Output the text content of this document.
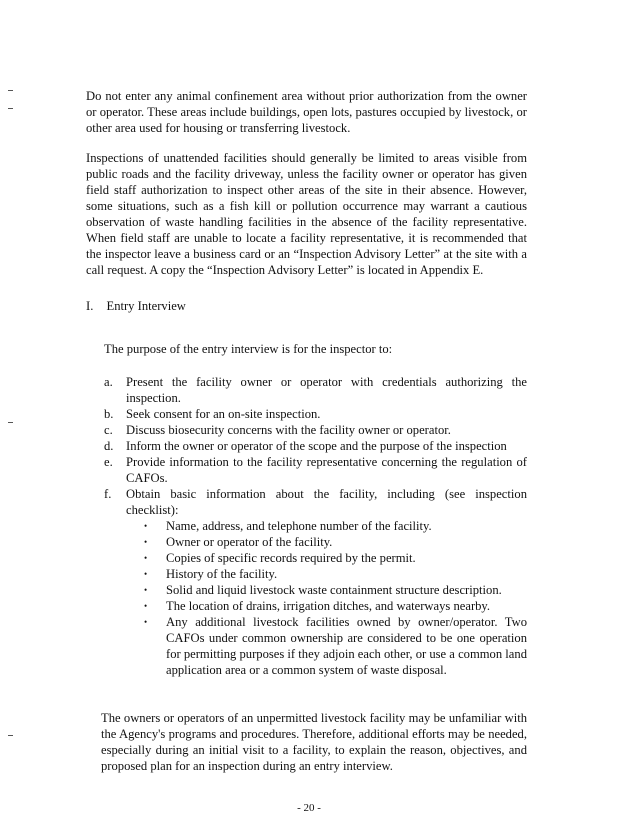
Do not enter any animal confinement area without prior authorization from the owner or operator. These areas include buildings, open lots, pastures occupied by livestock, or other area used for housing or transferring livestock.

Inspections of unattended facilities should generally be limited to areas visible from public roads and the facility driveway, unless the facility owner or operator has given field staff authorization to inspect other areas of the site in their absence. However, some situations, such as a fish kill or pollution occurrence may warrant a cautious observation of waste handling facilities in the absence of the facility representative. When field staff are unable to locate a facility representative, it is recommended that the inspector leave a business card or an “Inspection Advisory Letter” at the site with a call request. A copy the “Inspection Advisory Letter” is located in Appendix E.

I. Entry Interview

The purpose of the entry interview is for the inspector to:

a. Present the facility owner or operator with credentials authorizing the inspection.
b. Seek consent for an on-site inspection.
c. Discuss biosecurity concerns with the facility owner or operator.
d. Inform the owner or operator of the scope and the purpose of the inspection
e. Provide information to the facility representative concerning the regulation of CAFOs.
f. Obtain basic information about the facility, including (see inspection checklist):
• Name, address, and telephone number of the facility.
• Owner or operator of the facility.
• Copies of specific records required by the permit.
• History of the facility.
• Solid and liquid livestock waste containment structure description.
• The location of drains, irrigation ditches, and waterways nearby.
• Any additional livestock facilities owned by owner/operator. Two CAFOs under common ownership are considered to be one operation for permitting purposes if they adjoin each other, or use a common land application area or a common system of waste disposal.

The owners or operators of an unpermitted livestock facility may be unfamiliar with the Agency's programs and procedures. Therefore, additional efforts may be needed, especially during an initial visit to a facility, to explain the reason, objectives, and proposed plan for an inspection during an entry interview.

- 20 -
